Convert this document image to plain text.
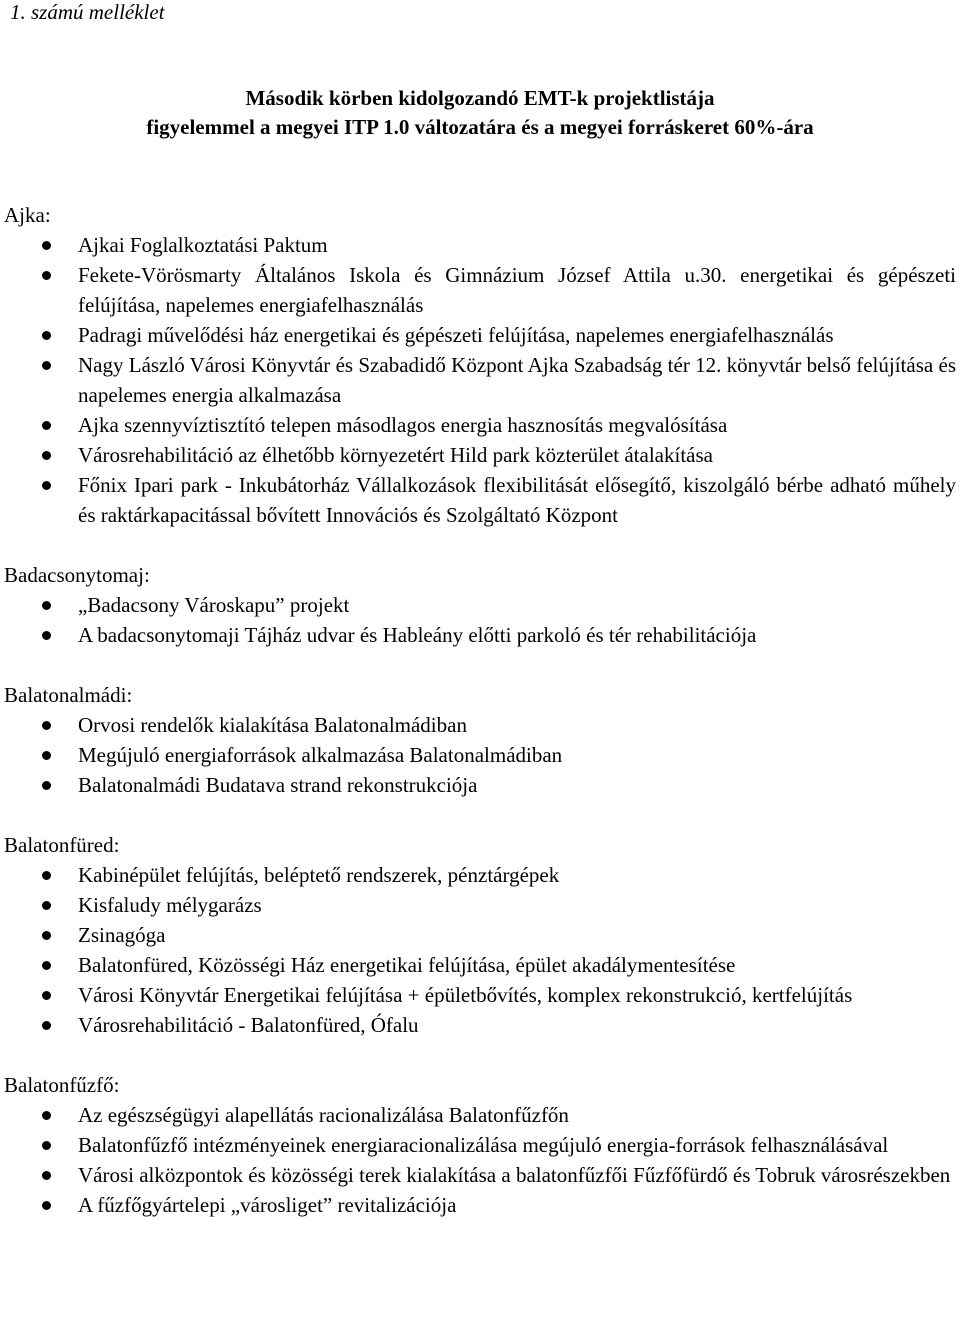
1. számú melléklet
Második körben kidolgozandó EMT-k projektlistája
figyelemmel a megyei ITP 1.0 változatára és a megyei forráskeret 60%-ára
Ajka:
Ajkai Foglalkoztatási Paktum
Fekete-Vörösmarty Általános Iskola és Gimnázium József Attila u.30. energetikai és gépészeti felújítása, napelemes energiafelhasználás
Padragi művelődési ház energetikai és gépészeti felújítása, napelemes energiafelhasználás
Nagy László Városi Könyvtár és Szabadidő Központ Ajka Szabadság tér 12. könyvtár belső felújítása és napelemes energia alkalmazása
Ajka szennyvíztisztító telepen másodlagos energia hasznosítás megvalósítása
Városrehabilitáció az élhetőbb környezetért Hild park közterület átalakítása
Főnix Ipari park - Inkubátorház Vállalkozások flexibilitását elősegítő, kiszolgáló bérbe adható műhely és raktárkapacitással bővített Innovációs és Szolgáltató Központ
Badacsonytomaj:
„Badacsony Városkapu” projekt
A badacsonytomaji Tájház udvar és Hableány előtti parkoló és tér rehabilitációja
Balatonalmádi:
Orvosi rendelők kialakítása Balatonalmádiban
Megújuló energiaforrások alkalmazása Balatonalmádiban
Balatonalmádi Budatava strand rekonstrukciója
Balatonfüred:
Kabinépület felújítás, beléptető rendszerek, pénztárgépek
Kisfaludy mélygarázs
Zsinagóga
Balatonfüred, Közösségi Ház energetikai felújítása, épület akadálymentesítése
Városi Könyvtár Energetikai felújítása + épületbővítés, komplex rekonstrukció, kertfelújítás
Városrehabilitáció - Balatonfüred, Ófalu
Balatonfűzfő:
Az egészségügyi alapellátás racionalizálása Balatonfűzfőn
Balatonfűzfő intézményeinek energiaracionalizálása megújuló energia-források felhasználásával
Városi alközpontok és közösségi terek kialakítása a balatonfűzfői Fűzfőfürdő és Tobruk városrészekben
A fűzfőgyártelepi „városliget” revitalizációja
